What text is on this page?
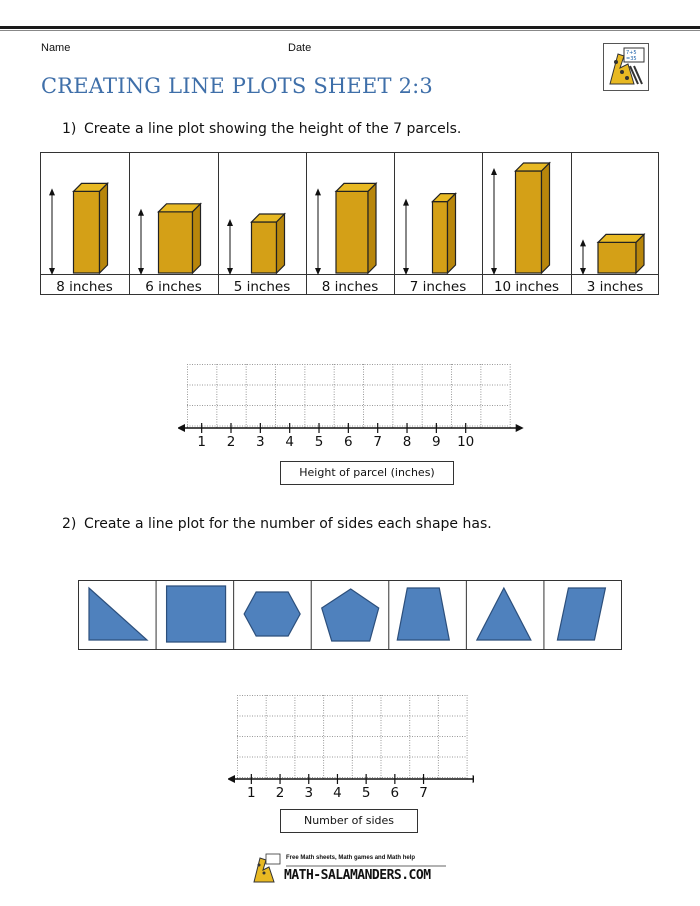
Name	Date	7+5
=35
CREATING LINE PLOTS SHEET 2:3
1) Create a line plot showing the height of the 7 parcels.
8 inches 6 inches 5 inches 8 inches 7 inches 10 inches 3 inches
1 2 3 4 5 6 7 8 9 10
Height of parcel (inches)
2) Create a line plot for the number of sides each shape has.
1 2 3 4 5 6 7
Number of sides
Free Math sheets, Math games and Math help
MATH-SALAMANDERS.COM
